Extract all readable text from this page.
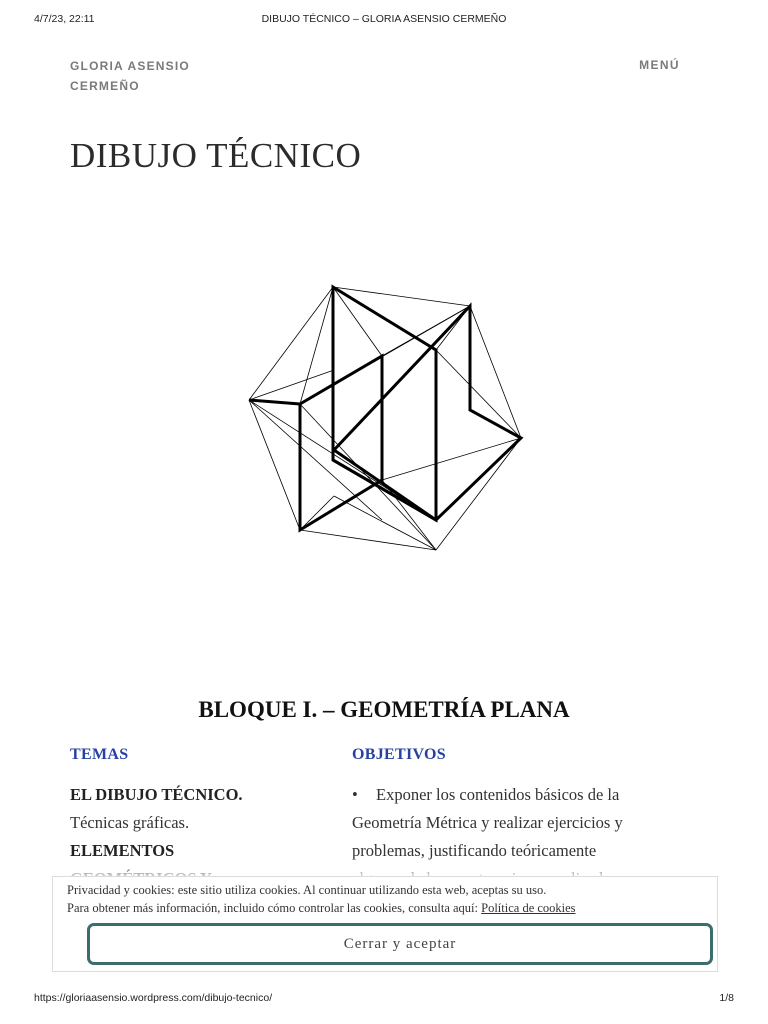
4/7/23, 22:11	DIBUJO TÉCNICO – GLORIA ASENSIO CERMEÑO
GLORIA ASENSIO
CERMEÑO
MENÚ
DIBUJO TÉCNICO
BLOQUE I. – GEOMETRÍA PLANA
TEMAS	OBJETIVOS
EL DIBUJO TÉCNICO.
Técnicas gráficas.
ELEMENTOS
• Exponer los contenidos básicos de la
Geometría Métrica y realizar ejercicios y
problemas, justificando teóricamente
Privacidad y cookies: este sitio utiliza cookies. Al continuar utilizando esta web, aceptas su uso.
Para obtener más información, incluido cómo controlar las cookies, consulta aquí: Política de cookies
Cerrar y aceptar
https://gloriaasensio.wordpress.com/dibujo-tecnico/	1/8
